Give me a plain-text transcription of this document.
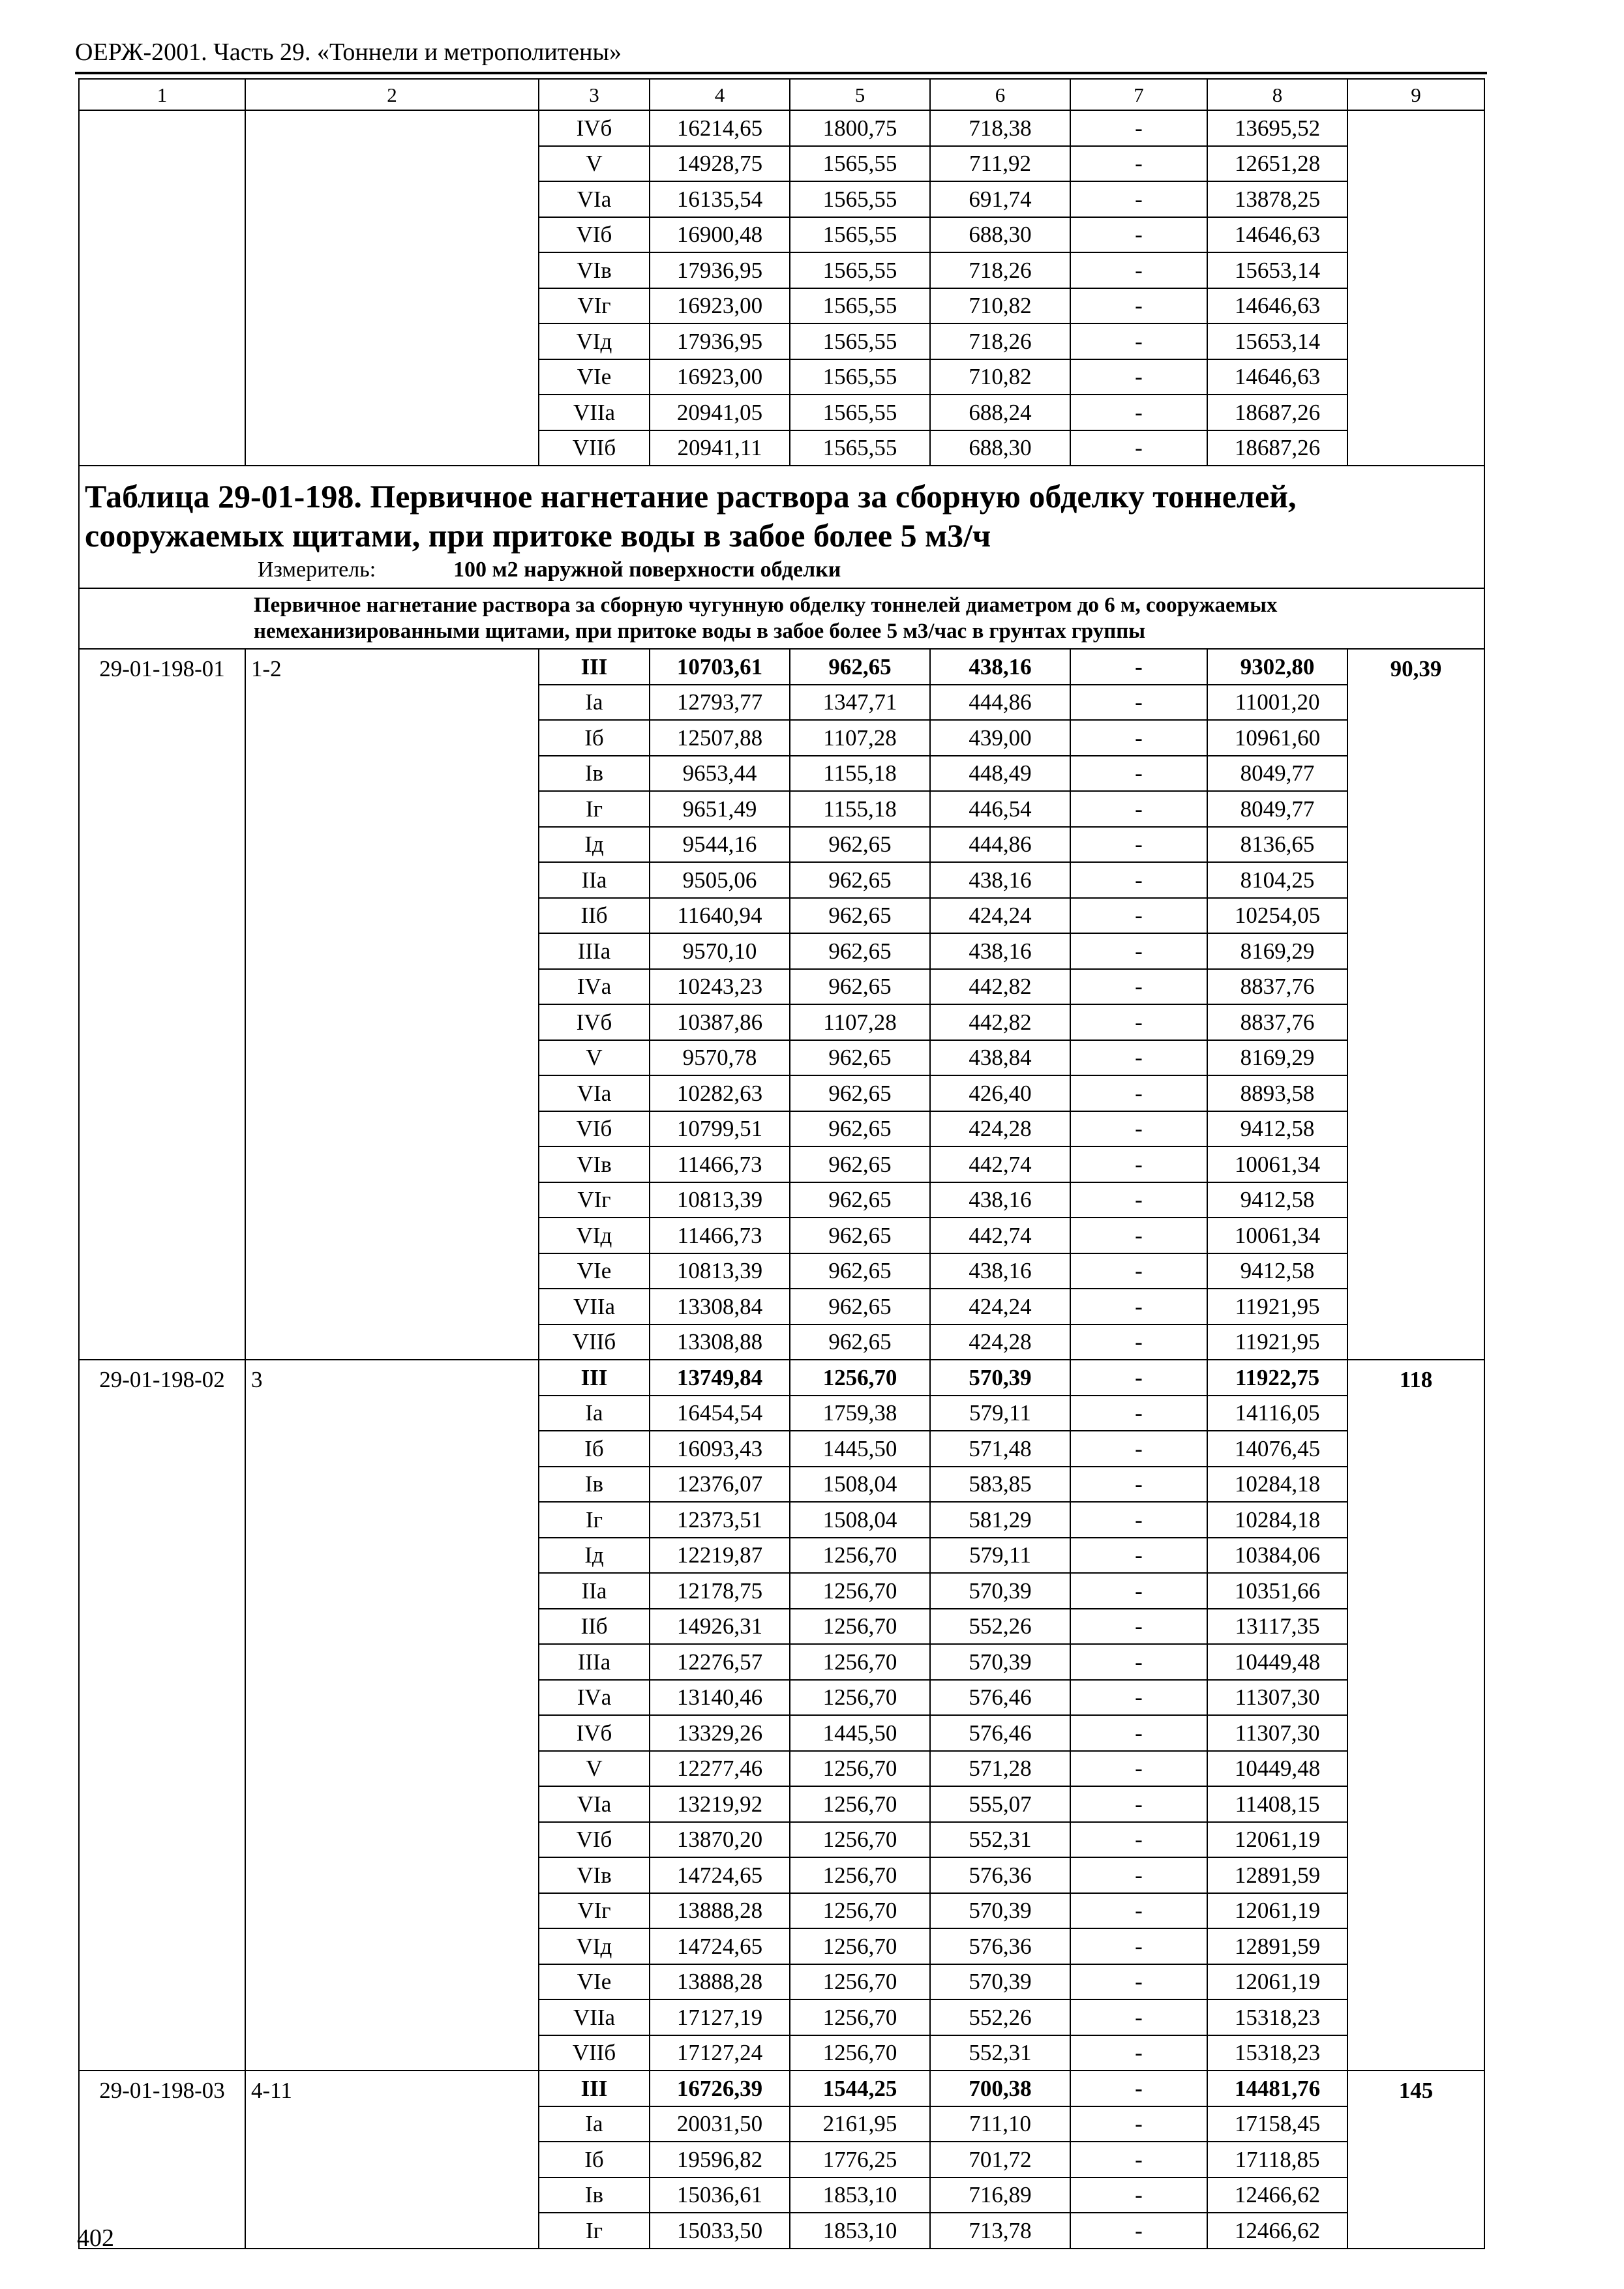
ОЕРЖ-2001. Часть 29. «Тоннели и метрополитены»
1	2	3	4	5	6	7	8	9
		IVб	16214,65	1800,75	718,38	-	13695,52	
		V	14928,75	1565,55	711,92	-	12651,28	
		VIа	16135,54	1565,55	691,74	-	13878,25	
		VIб	16900,48	1565,55	688,30	-	14646,63	
		VIв	17936,95	1565,55	718,26	-	15653,14	
		VIг	16923,00	1565,55	710,82	-	14646,63	
		VIд	17936,95	1565,55	718,26	-	15653,14	
		VIе	16923,00	1565,55	710,82	-	14646,63	
		VIIа	20941,05	1565,55	688,24	-	18687,26	
		VIIб	20941,11	1565,55	688,30	-	18687,26	

Таблица 29-01-198. Первичное нагнетание раствора за сборную обделку тоннелей, сооружаемых щитами, при притоке воды в забое более 5 м3/ч
Измеритель: 100 м2 наружной поверхности обделки								

Первичное нагнетание раствора за сборную чугунную обделку тоннелей диаметром до 6 м, сооружаемых немеханизированными щитами, при притоке воды в забое более 5 м3/час в грунтах группы								

29-01-198-01	1-2	III	10703,61	962,65	438,16	-	9302,80	90,39
		Iа	12793,77	1347,71	444,86	-	11001,20	
		Iб	12507,88	1107,28	439,00	-	10961,60	
		Iв	9653,44	1155,18	448,49	-	8049,77	
		Iг	9651,49	1155,18	446,54	-	8049,77	
		Iд	9544,16	962,65	444,86	-	8136,65	
		IIа	9505,06	962,65	438,16	-	8104,25	
		IIб	11640,94	962,65	424,24	-	10254,05	
		IIIа	9570,10	962,65	438,16	-	8169,29	
		IVа	10243,23	962,65	442,82	-	8837,76	
		IVб	10387,86	1107,28	442,82	-	8837,76	
		V	9570,78	962,65	438,84	-	8169,29	
		VIа	10282,63	962,65	426,40	-	8893,58	
		VIб	10799,51	962,65	424,28	-	9412,58	
		VIв	11466,73	962,65	442,74	-	10061,34	
		VIг	10813,39	962,65	438,16	-	9412,58	
		VIд	11466,73	962,65	442,74	-	10061,34	
		VIе	10813,39	962,65	438,16	-	9412,58	
		VIIа	13308,84	962,65	424,24	-	11921,95	
		VIIб	13308,88	962,65	424,28	-	11921,95	
29-01-198-02	3	III	13749,84	1256,70	570,39	-	11922,75	118
		Iа	16454,54	1759,38	579,11	-	14116,05	
		Iб	16093,43	1445,50	571,48	-	14076,45	
		Iв	12376,07	1508,04	583,85	-	10284,18	
		Iг	12373,51	1508,04	581,29	-	10284,18	
		Iд	12219,87	1256,70	579,11	-	10384,06	
		IIа	12178,75	1256,70	570,39	-	10351,66	
		IIб	14926,31	1256,70	552,26	-	13117,35	
		IIIа	12276,57	1256,70	570,39	-	10449,48	
		IVа	13140,46	1256,70	576,46	-	11307,30	
		IVб	13329,26	1445,50	576,46	-	11307,30	
		V	12277,46	1256,70	571,28	-	10449,48	
		VIа	13219,92	1256,70	555,07	-	11408,15	
		VIб	13870,20	1256,70	552,31	-	12061,19	
		VIв	14724,65	1256,70	576,36	-	12891,59	
		VIг	13888,28	1256,70	570,39	-	12061,19	
		VIд	14724,65	1256,70	576,36	-	12891,59	
		VIе	13888,28	1256,70	570,39	-	12061,19	
		VIIа	17127,19	1256,70	552,26	-	15318,23	
		VIIб	17127,24	1256,70	552,31	-	15318,23	
29-01-198-03	4-11	III	16726,39	1544,25	700,38	-	14481,76	145
		Iа	20031,50	2161,95	711,10	-	17158,45	
		Iб	19596,82	1776,25	701,72	-	17118,85	
		Iв	15036,61	1853,10	716,89	-	12466,62	
		Iг	15033,50	1853,10	713,78	-	12466,62	
402
